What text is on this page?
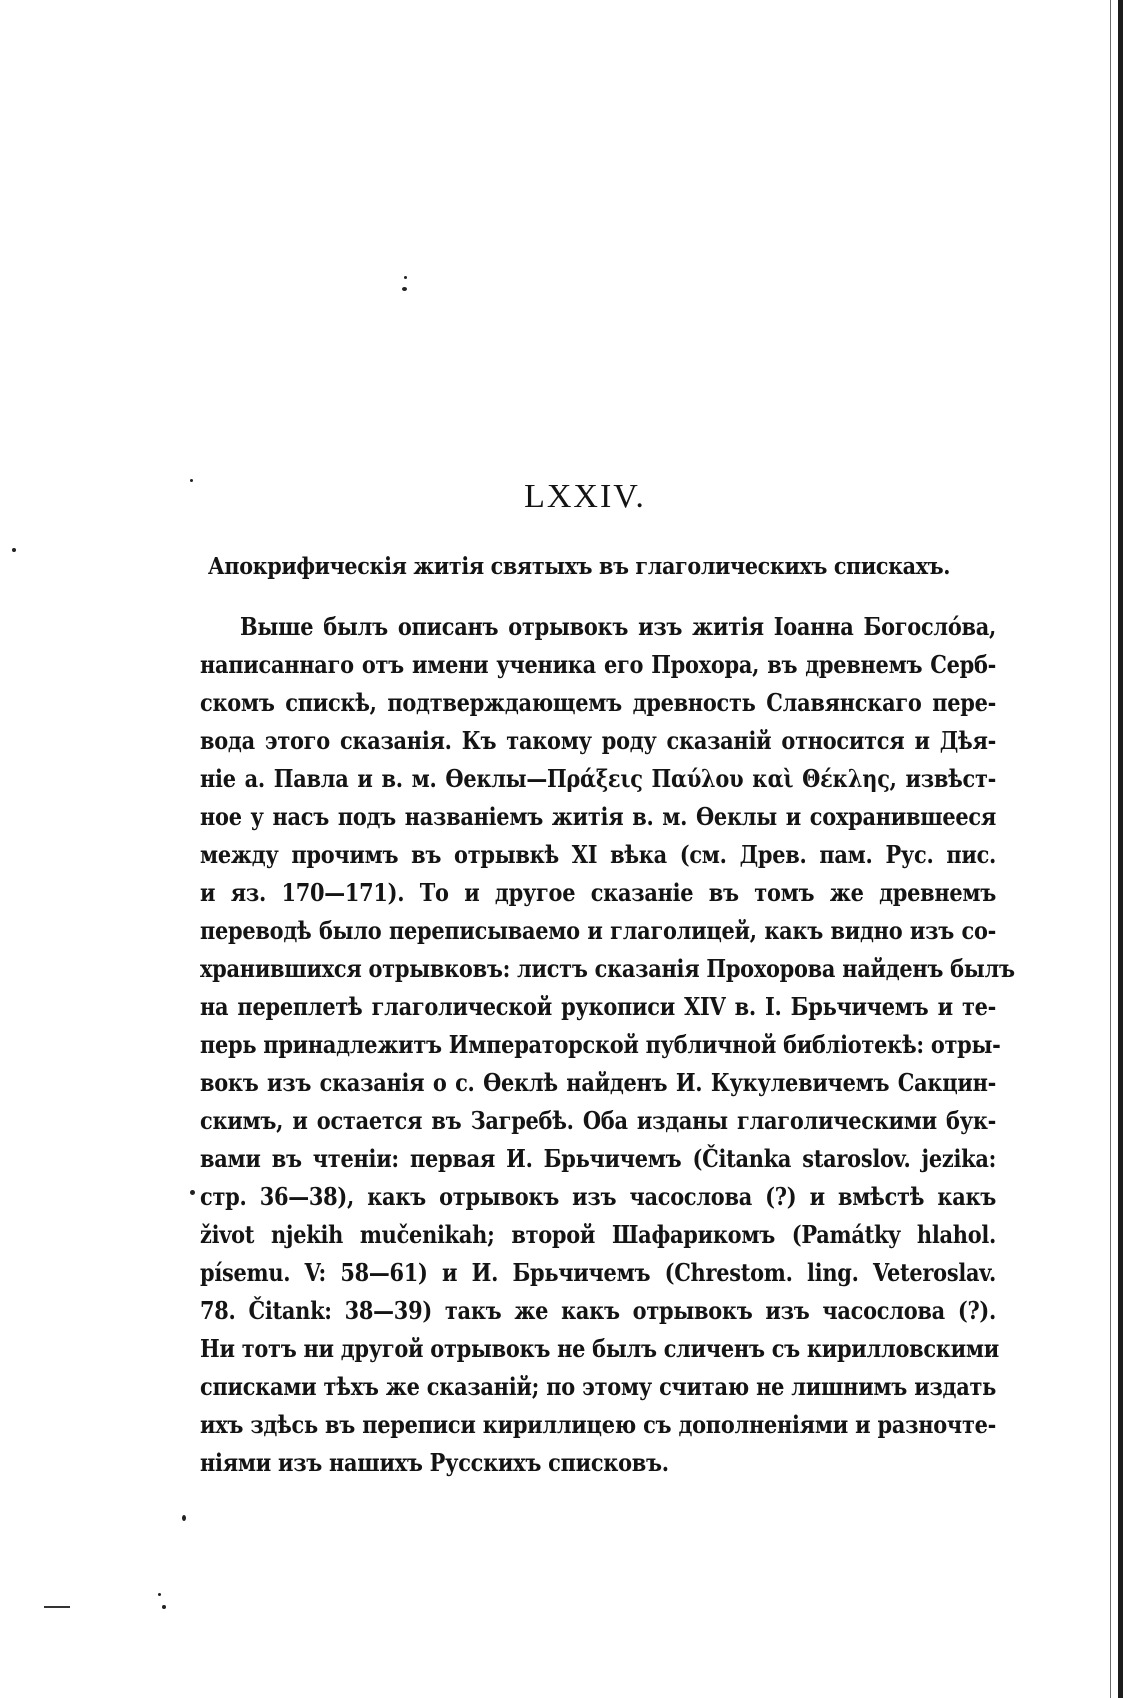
LXXIV.
Апокрифическія житія святыхъ въ глаголическихъ спискахъ.
Выше былъ описанъ отрывокъ изъ житія Іоанна Богосло́ва,
написаннаго отъ имени ученика его Прохора, въ древнемъ Серб-
скомъ спискѣ, подтверждающемъ древность Славянскаго пере-
вода этого сказанія. Къ такому роду сказаній относится и Дѣя-
ніе а. Павла и в. м. Ѳеклы—Πράξεις Παύλου καὶ Θέκλης, извѣст-
ное у насъ подъ названіемъ житія в. м. Ѳеклы и сохранившееся
между прочимъ въ отрывкѣ XI вѣка (см. Древ. пам. Рус. пис.
и яз. 170—171). То и другое сказаніе въ томъ же древнемъ
переводѣ было переписываемо и глаголицей, какъ видно изъ со-
хранившихся отрывковъ: листъ сказанія Прохорова найденъ былъ
на переплетѣ глаголической рукописи XIV в. І. Брьчичемъ и те-
перь принадлежитъ Императорской публичной библіотекѣ: отры-
вокъ изъ сказанія о с. Ѳеклѣ найденъ И. Кукулевичемъ Сакцин-
скимъ, и остается въ Загребѣ. Оба изданы глаголическими бук-
вами въ чтеніи: первая И. Брьчичемъ (Čitanka staroslov. jezika:
стр. 36—38), какъ отрывокъ изъ часослова (?) и вмѣстѣ какъ
život njekih mučenikah; второй Шафарикомъ (Památky hlahol.
písemu. V: 58—61) и И. Брьчичемъ (Chrestom. ling. Veteroslav.
78. Čitank: 38—39) такъ же какъ отрывокъ изъ часослова (?).
Ни тотъ ни другой отрывокъ не былъ сличенъ съ кирилловскими
списками тѣхъ же сказаній; по этому считаю не лишнимъ издать
ихъ здѣсь въ переписи кириллицею съ дополненіями и разночте-
ніями изъ нашихъ Русскихъ списковъ.
